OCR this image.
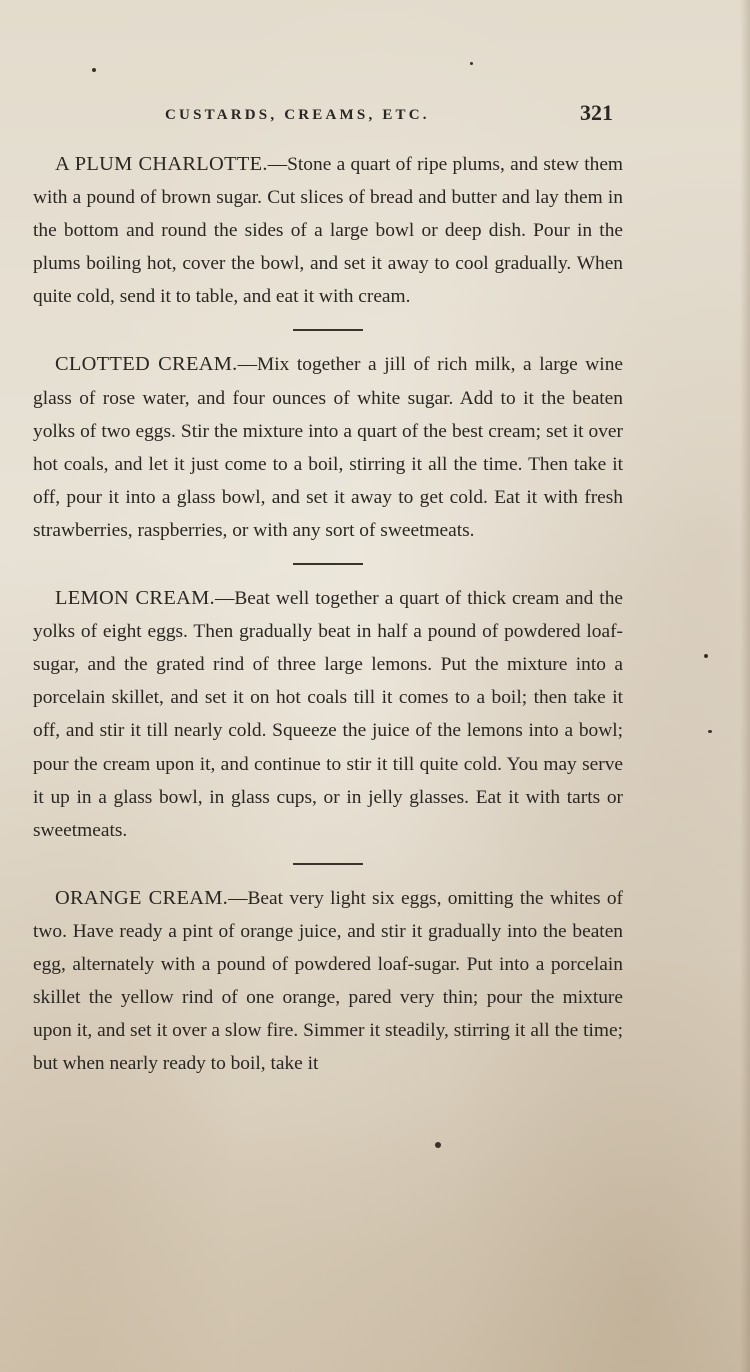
CUSTARDS, CREAMS, ETC.	321

A PLUM CHARLOTTE.—Stone a quart of ripe plums, and stew them with a pound of brown sugar. Cut slices of bread and butter and lay them in the bottom and round the sides of a large bowl or deep dish. Pour in the plums boiling hot, cover the bowl, and set it away to cool gradually. When quite cold, send it to table, and eat it with cream.

CLOTTED CREAM.—Mix together a jill of rich milk, a large wine glass of rose water, and four ounces of white sugar. Add to it the beaten yolks of two eggs. Stir the mixture into a quart of the best cream; set it over hot coals, and let it just come to a boil, stirring it all the time. Then take it off, pour it into a glass bowl, and set it away to get cold. Eat it with fresh strawberries, raspberries, or with any sort of sweetmeats.

LEMON CREAM.—Beat well together a quart of thick cream and the yolks of eight eggs. Then gradually beat in half a pound of powdered loaf-sugar, and the grated rind of three large lemons. Put the mixture into a porcelain skillet, and set it on hot coals till it comes to a boil; then take it off, and stir it till nearly cold. Squeeze the juice of the lemons into a bowl; pour the cream upon it, and continue to stir it till quite cold. You may serve it up in a glass bowl, in glass cups, or in jelly glasses. Eat it with tarts or sweetmeats.

ORANGE CREAM.—Beat very light six eggs, omitting the whites of two. Have ready a pint of orange juice, and stir it gradually into the beaten egg, alternately with a pound of powdered loaf-sugar. Put into a porcelain skillet the yellow rind of one orange, pared very thin; pour the mixture upon it, and set it over a slow fire. Simmer it steadily, stirring it all the time; but when nearly ready to boil, take it
